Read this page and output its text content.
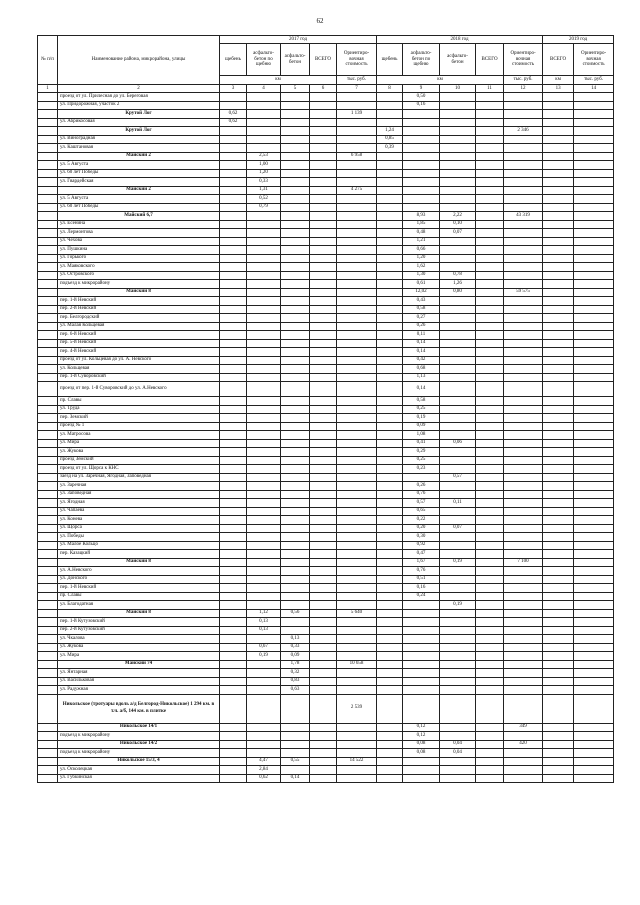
62
№ п/п	Наименование района, микрорайона, улицы	2017 год					2018 год					2019 год	
		щебень	асфальто-бетон по щебню	асфальто-бетон	ВСЕГО	Ориентиро-вочная стоимость	щебень	асфальто-бетон по щебню	асфальто-бетон	ВСЕГО	Ориентиро-вочная стоимость	ВСЕГО	Ориентиро-вочная стоимость
		км				тыс. руб.	км				тыс. руб.	км	тыс. руб.
1	2	3	4	5	6	7	8	9	10	11	12	13	14
	проезд от ул. Прилесная до ул. Береговая							0,50					
	ул. Придорожная, участок 2							0,16					
	Крутой Лог	0,62				1 139							
	ул. Абрикосовая	0,62											
	Крутой Лог						1,24				2 346		
	ул. Виноградная						0,85						
	ул. Каштановая						0,39						
	Майский 2		2,53			6 958							
	ул. 5 Августа		1,00										
	ул. 60 лет Победы		1,20										
	ул. Гвардейская		0,33										
	Майский 2		1,31			4 275							
	ул. 5 Августа		0,52										
	ул. 60 лет Победы		0,79										
	Майский 6,7							8,93	2,22		43 319		
	ул. Есенина							1,85	0,10				
	ул. Лермонтова							0,48	0,07				
	ул. Чехова							1,21					
	ул. Пушкина							0,66					
	ул. Горького							1,20					
	ул. Маяковского							1,62					
	ул. Островского							1,30	0,78				
	подъезд к микрорайону							0,61	1,26				
	Майский 8							12,02	0,80		59 575		
	пер. 1-й Невский							0,43					
	пер. 2-й Невский							0,58					
	пер. Белгородский							0,27					
	ул. Малая Кольцевая							0,26					
	пер. 6-й Невский							0,11					
	пер. 5-й Невский							0,14					
	пер. 4-й Невский							0,14					
	проезд от ул. Кольцевая до ул. А. Невского							0,42					
	ул. Кольцевая							0,68					
	пер. 1-й Суворовский							1,13					
	проезд от пер. 1-й Суворовский до ул. А.Невского							0,14					
	пр. Славы							0,58					
	ул. Труда							0,25					
	пер. Земский							0,19					
	проезд № 1							0,09					
	ул. Матросова							1,08					
	ул. Мира							0,41	0,06				
	ул. Жукова							0,29					
	проезд Земский							0,25					
	проезд от ул. Щорса к КНС							0,23					
	заезд на ул. Заречная, Ягодная, Заповедная								0,57				
	ул. Заречная							0,26					
	ул. Заповедная							0,76					
	ул. Ягодная							0,57	0,11				
	ул. Чапаева							0,65					
	ул. Конева							0,22					
	ул. Щорса							0,20	0,07				
	ул. Победы							0,30					
	ул. Малое Кольцо							0,92					
	пер. Казацкий							0,47					
	Майский 8							1,67	0,19		7 100		
	ул. А.Невского							0,76					
	ул. Донского							0,51					
	пер. 1-й Невский							0,16					
	пр. Славы							0,24					
	ул. Благодатная								0,19				
	Майский 8		1,12	0,56		5 640							
	пер. 1-й Кутузовский		0,13										
	пер. 2-й Кутузовский		0,13										
	ул. Чкалова			0,13									
	ул. Жукова		0,67	0,33									
	ул. Мира		0,19	0,09									
	Майский 74			1,78		10 658							
	ул. Янтарная			0,32									
	ул. Васильковая			0,83									
	ул. Радужная			0,63									
	Никольское (тротуары вдоль а/д Белгород-Никольское) 1 294 км. в т.ч. а/б, 144 км. в плитке					2 539							
	Никольское 14/1							0,12			349		
	подъезд к микрорайону							0,12					
	Никольское 14/2							0,08	0,04		420		
	подъезд к микрорайону							0,08	0,04				
	Никольское 15/3, 4		4,47	0,55		14 522							
	ул. Осколецкая		2,84										
	ул. Губкинская		0,62	0,14									
